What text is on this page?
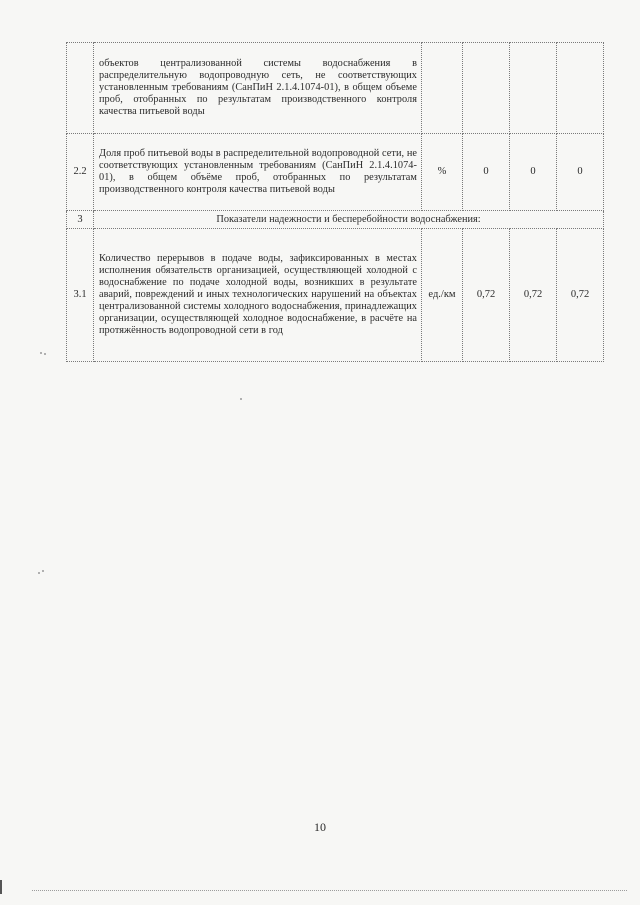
	объектов централизованной системы водоснабжения в распределительную водопроводную сеть, не соответствующих установленным требованиям (СанПиН 2.1.4.1074-01), в общем объеме проб, отобранных по результатам производственного контроля качества питьевой воды				
2.2	Доля проб питьевой воды в распределительной водопроводной сети, не соответствующих установленным требованиям (СанПиН 2.1.4.1074-01), в общем объёме проб, отобранных по результатам производственного контроля качества питьевой воды	%	0	0	0
3	Показатели надежности и бесперебойности водоснабжения:				
3.1	Количество перерывов в подаче воды, зафиксированных в местах исполнения обязательств организацией, осуществляющей холодной с водоснабжение по подаче холодной воды, возникших в результате аварий, повреждений и иных технологических нарушений на объектах централизованной системы холодного водоснабжения, принадлежащих организации, осуществляющей холодное водоснабжение, в расчёте на протяжённость водопроводной сети в год	ед./км	0,72	0,72	0,72
10
